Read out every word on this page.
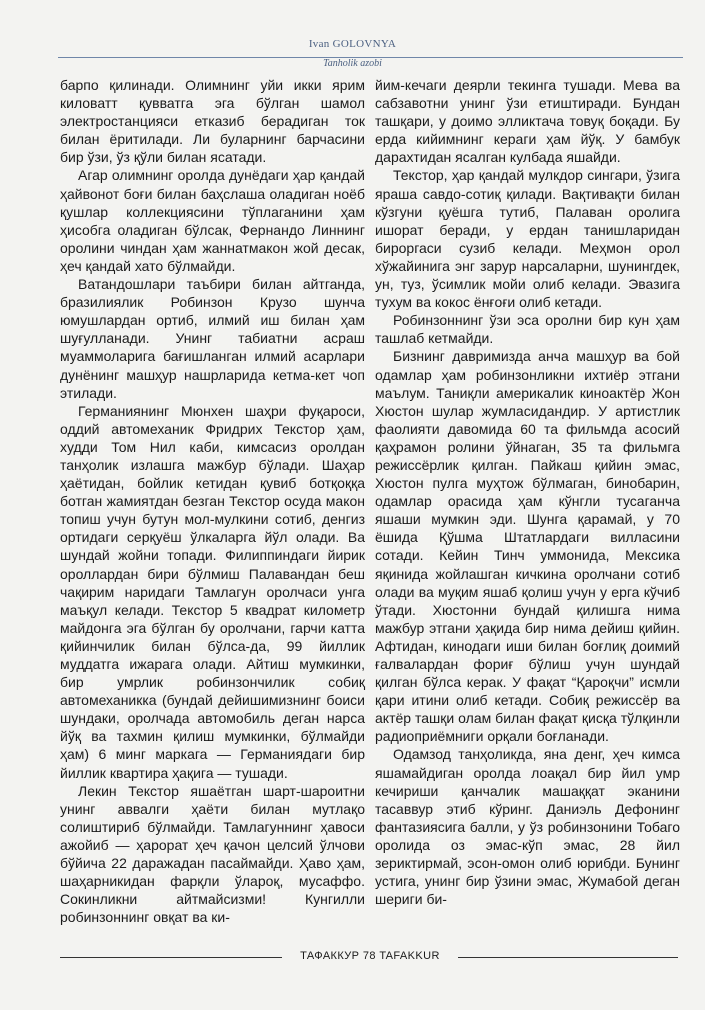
Ivan GOLOVNYA
Tanholik azobi

барпо қилинади. Олимнинг уйи икки ярим киловатт қувватга эга бўлган шамол электростанцияси етказиб берадиган ток билан ёритилади. Ли буларнинг барчасини бир ўзи, ўз қўли билан ясатади.

Агар олимнинг оролда дунёдаги ҳар қандай ҳайвонот боғи билан баҳслаша оладиган ноёб қушлар коллекциясини тўплаганини ҳам ҳисобга оладиган бўлсак, Фернандо Линнинг оролини чиндан ҳам жаннатмакон жой десак, ҳеч қандай хато бўлмайди.

Ватандошлари таъбири билан айтганда, бразилиялик Робинзон Крузо шунча юмушлардан ортиб, илмий иш билан ҳам шуғулланади. Унинг табиатни асраш муаммоларига бағишланган илмий асарлари дунёнинг машҳур нашрларида кетма-кет чоп этилади.

Германиянинг Мюнхен шаҳри фуқароси, оддий автомеханик Фридрих Текстор ҳам, худди Том Нил каби, кимсасиз оролдан танҳолик излашга мажбур бўлади. Шаҳар ҳаётидан, бойлик кетидан қувиб ботқоққа ботган жамиятдан безган Текстор осуда макон топиш учун бутун мол-мулкини сотиб, денгиз ортидаги серқуёш ўлкаларга йўл олади. Ва шундай жойни топади. Филиппиндаги йирик ороллардан бири бўлмиш Палавандан беш чақирим наридаги Тамлагун оролчаси унга маъқул келади. Текстор 5 квадрат километр майдонга эга бўлган бу оролчани, гарчи катта қийинчилик билан бўлса-да, 99 йиллик муддатга ижарага олади. Айтиш мумкинки, бир умрлик робинзончилик собиқ автомеханикка (бундай дейишимизнинг боиси шундаки, оролчада автомобиль деган нарса йўқ ва тахмин қилиш мумкинки, бўлмайди ҳам) 6 минг маркага — Германиядаги бир йиллик квартира ҳақига — тушади.

Лекин Текстор яшаётган шарт-шароитни унинг аввалги ҳаёти билан мутлақо солиштириб бўлмайди. Тамлагуннинг ҳавоси ажойиб — ҳарорат ҳеч қачон целсий ўлчови бўйича 22 даражадан пасаймайди. Ҳаво ҳам, шаҳарникидан фарқли ўлароқ, мусаффо. Сокинликни айтмайсизми! Кунгилли робинзоннинг овқат ва ки-

йим-кечаги деярли текинга тушади. Мева ва сабзавотни унинг ўзи етиштиради. Бундан ташқари, у доимо элликтача товуқ боқади. Бу ерда кийимнинг кераги ҳам йўқ. У бамбук дарахтидан ясалган кулбада яшайди.

Текстор, ҳар қандай мулкдор сингари, ўзига яраша савдо-сотиқ қилади. Вақтивақти билан кўзгуни қуёшга тутиб, Палаван оролига ишорат беради, у ердан танишларидан бироргаси сузиб келади. Меҳмон орол хўжайинига энг зарур нарсаларни, шунингдек, ун, туз, ўсимлик мойи олиб келади. Эвазига тухум ва кокос ёнғоғи олиб кетади.

Робинзоннинг ўзи эса оролни бир кун ҳам ташлаб кетмайди.

Бизнинг давримизда анча машҳур ва бой одамлар ҳам робинзонликни ихтиёр этгани маълум. Таниқли америкалик киноактёр Жон Хюстон шулар жумласидандир. У артистлик фаолияти давомида 60 та фильмда асосий қаҳрамон ролини ўйнаган, 35 та фильмга режиссёрлик қилган. Пайкаш қийин эмас, Хюстон пулга муҳтож бўлмаган, бинобарин, одамлар орасида ҳам кўнгли тусаганча яшаши мумкин эди. Шунга қарамай, у 70 ёшида Қўшма Штатлардаги вилласини сотади. Кейин Тинч уммонида, Мексика яқинида жойлашган кичкина оролчани сотиб олади ва муқим яшаб қолиш учун у ерга кўчиб ўтади. Хюстонни бундай қилишга нима мажбур этгани ҳақида бир нима дейиш қийин. Афтидан, кинодаги иши билан боғлиқ доимий ғалвалардан фориғ бўлиш учун шундай қилган бўлса керак. У фақат “Қароқчи” исмли қари итини олиб кетади. Собиқ режиссёр ва актёр ташқи олам билан фақат қисқа тўлқинли радиоприёмниги орқали боғланади.

Одамзод танҳоликда, яна денг, ҳеч кимса яшамайдиган оролда лоақал бир йил умр кечириши қанчалик машаққат эканини тасаввур этиб кўринг. Даниэль Дефонинг фантазиясига балли, у ўз робинзонини Тобаго оролида оз эмас-кўп эмас, 28 йил зериктирмай, эсон-омон олиб юрибди. Бунинг устига, унинг бир ўзини эмас, Жумабой деган шериги би-

ТАФАККУР 78 TAFAKKUR
